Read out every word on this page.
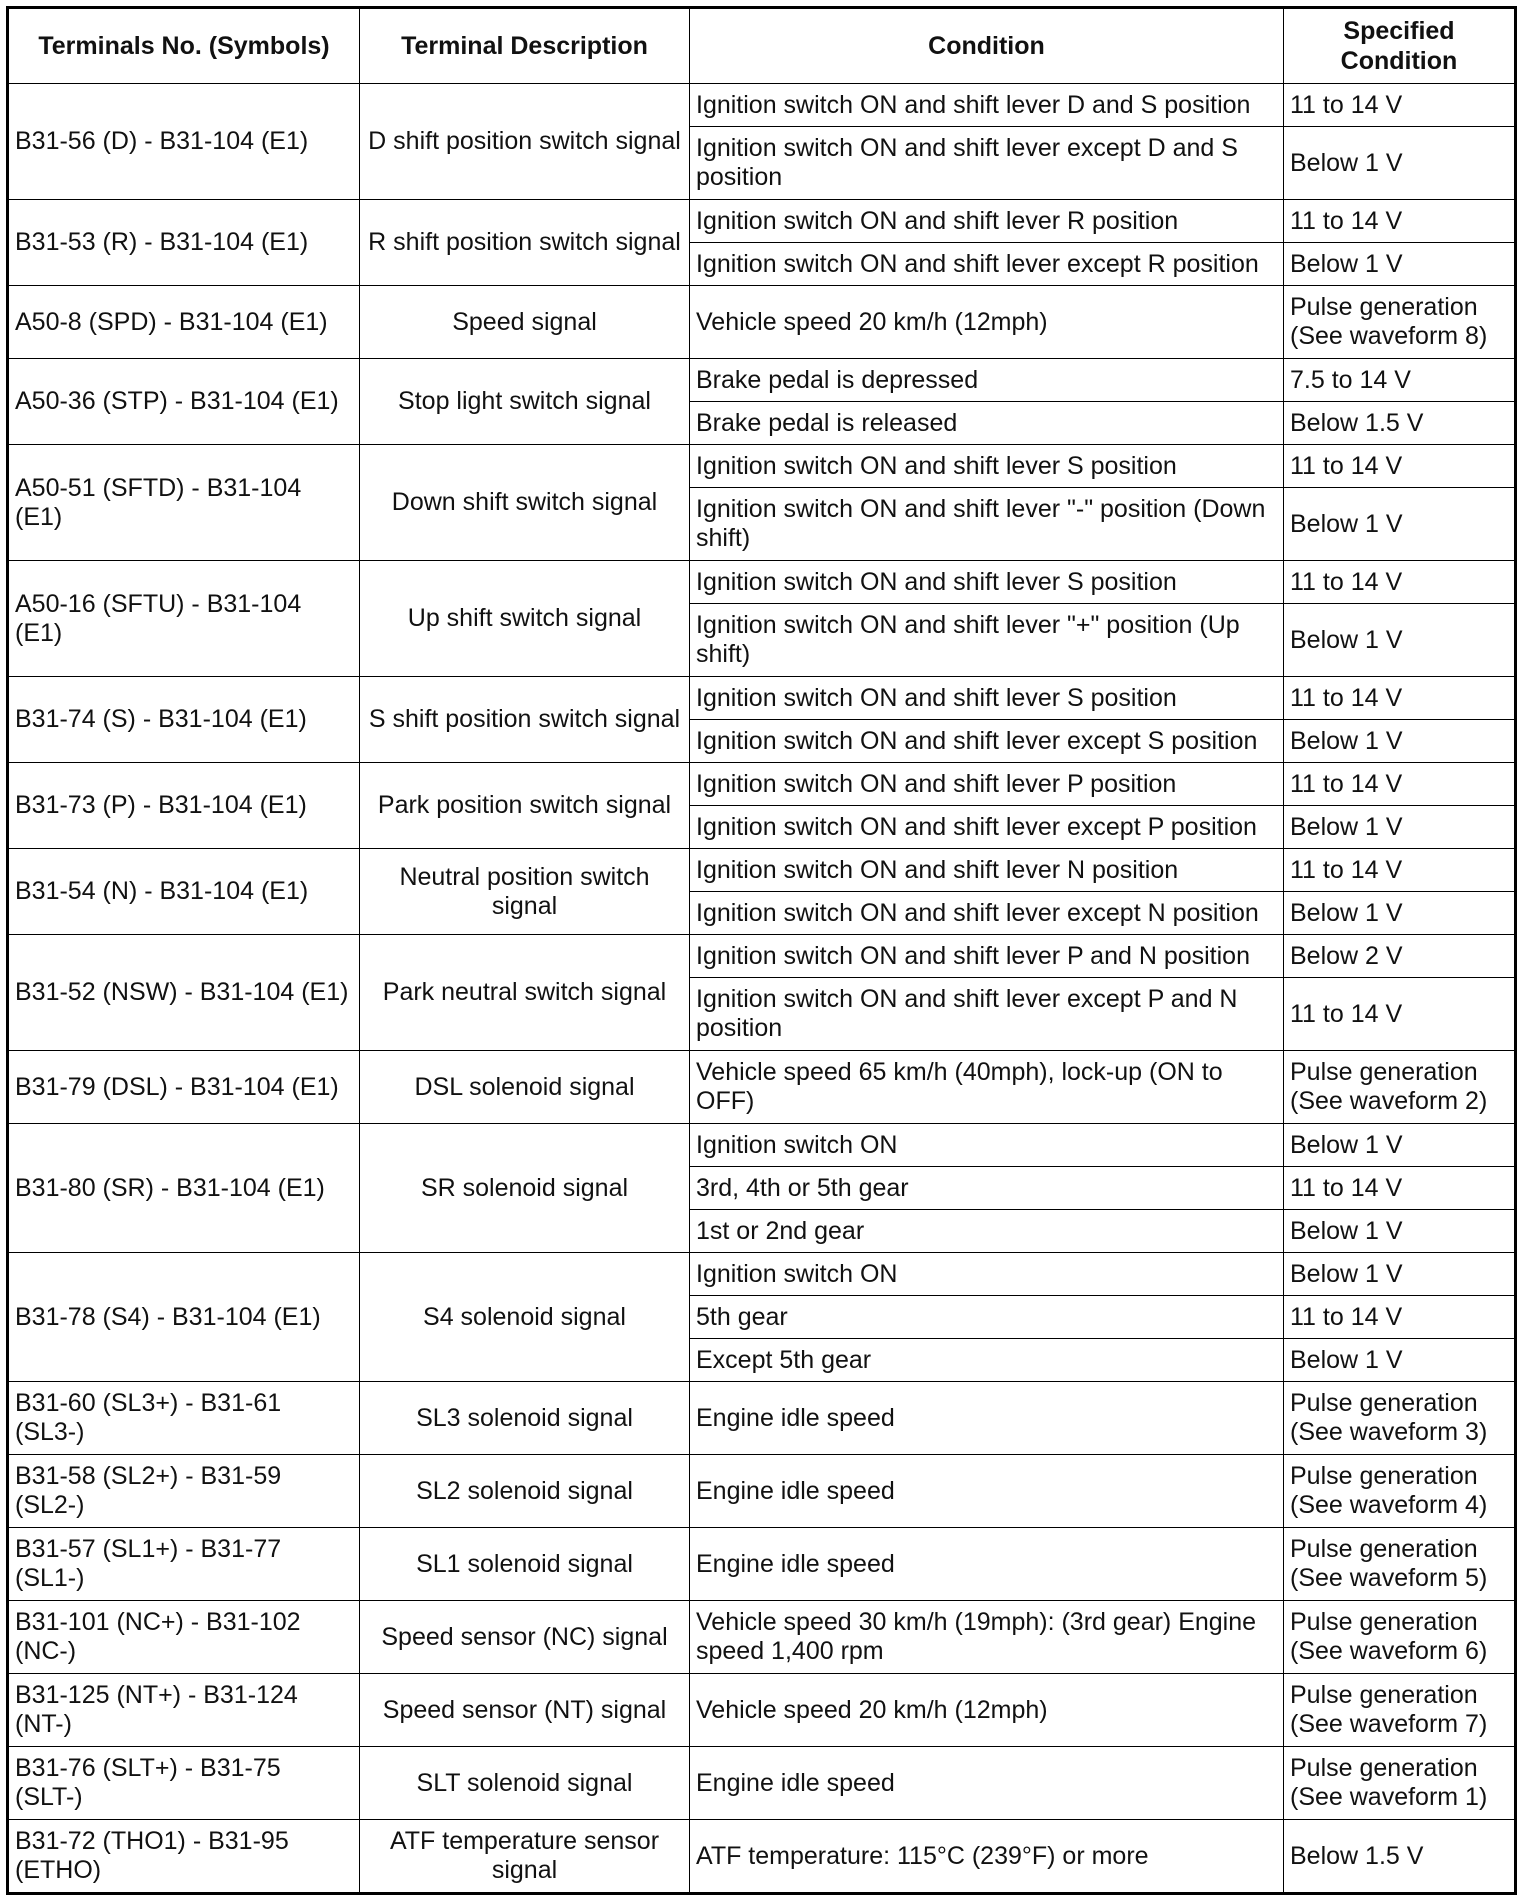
Terminals No. (Symbols)	Terminal Description	Condition	Specified Condition
B31-56 (D) - B31-104 (E1)	D shift position switch signal	Ignition switch ON and shift lever D and S position	11 to 14 V
		Ignition switch ON and shift lever except D and S position	Below 1 V
B31-53 (R) - B31-104 (E1)	R shift position switch signal	Ignition switch ON and shift lever R position	11 to 14 V
		Ignition switch ON and shift lever except R position	Below 1 V
A50-8 (SPD) - B31-104 (E1)	Speed signal	Vehicle speed 20 km/h (12mph)	Pulse generation (See waveform 8)
A50-36 (STP) - B31-104 (E1)	Stop light switch signal	Brake pedal is depressed	7.5 to 14 V
		Brake pedal is released	Below 1.5 V
A50-51 (SFTD) - B31-104 (E1)	Down shift switch signal	Ignition switch ON and shift lever S position	11 to 14 V
		Ignition switch ON and shift lever "-" position (Down shift)	Below 1 V
A50-16 (SFTU) - B31-104 (E1)	Up shift switch signal	Ignition switch ON and shift lever S position	11 to 14 V
		Ignition switch ON and shift lever "+" position (Up shift)	Below 1 V
B31-74 (S) - B31-104 (E1)	S shift position switch signal	Ignition switch ON and shift lever S position	11 to 14 V
		Ignition switch ON and shift lever except S position	Below 1 V
B31-73 (P) - B31-104 (E1)	Park position switch signal	Ignition switch ON and shift lever P position	11 to 14 V
		Ignition switch ON and shift lever except P position	Below 1 V
B31-54 (N) - B31-104 (E1)	Neutral position switch signal	Ignition switch ON and shift lever N position	11 to 14 V
		Ignition switch ON and shift lever except N position	Below 1 V
B31-52 (NSW) - B31-104 (E1)	Park neutral switch signal	Ignition switch ON and shift lever P and N position	Below 2 V
		Ignition switch ON and shift lever except P and N position	11 to 14 V
B31-79 (DSL) - B31-104 (E1)	DSL solenoid signal	Vehicle speed 65 km/h (40mph), lock-up (ON to OFF)	Pulse generation (See waveform 2)
B31-80 (SR) - B31-104 (E1)	SR solenoid signal	Ignition switch ON	Below 1 V
		3rd, 4th or 5th gear	11 to 14 V
		1st or 2nd gear	Below 1 V
B31-78 (S4) - B31-104 (E1)	S4 solenoid signal	Ignition switch ON	Below 1 V
		5th gear	11 to 14 V
		Except 5th gear	Below 1 V
B31-60 (SL3+) - B31-61 (SL3-)	SL3 solenoid signal	Engine idle speed	Pulse generation (See waveform 3)
B31-58 (SL2+) - B31-59 (SL2-)	SL2 solenoid signal	Engine idle speed	Pulse generation (See waveform 4)
B31-57 (SL1+) - B31-77 (SL1-)	SL1 solenoid signal	Engine idle speed	Pulse generation (See waveform 5)
B31-101 (NC+) - B31-102 (NC-)	Speed sensor (NC) signal	Vehicle speed 30 km/h (19mph): (3rd gear) Engine speed 1,400 rpm	Pulse generation (See waveform 6)
B31-125 (NT+) - B31-124 (NT-)	Speed sensor (NT) signal	Vehicle speed 20 km/h (12mph)	Pulse generation (See waveform 7)
B31-76 (SLT+) - B31-75 (SLT-)	SLT solenoid signal	Engine idle speed	Pulse generation (See waveform 1)
B31-72 (THO1) - B31-95 (ETHO)	ATF temperature sensor signal	ATF temperature: 115°C (239°F) or more	Below 1.5 V
